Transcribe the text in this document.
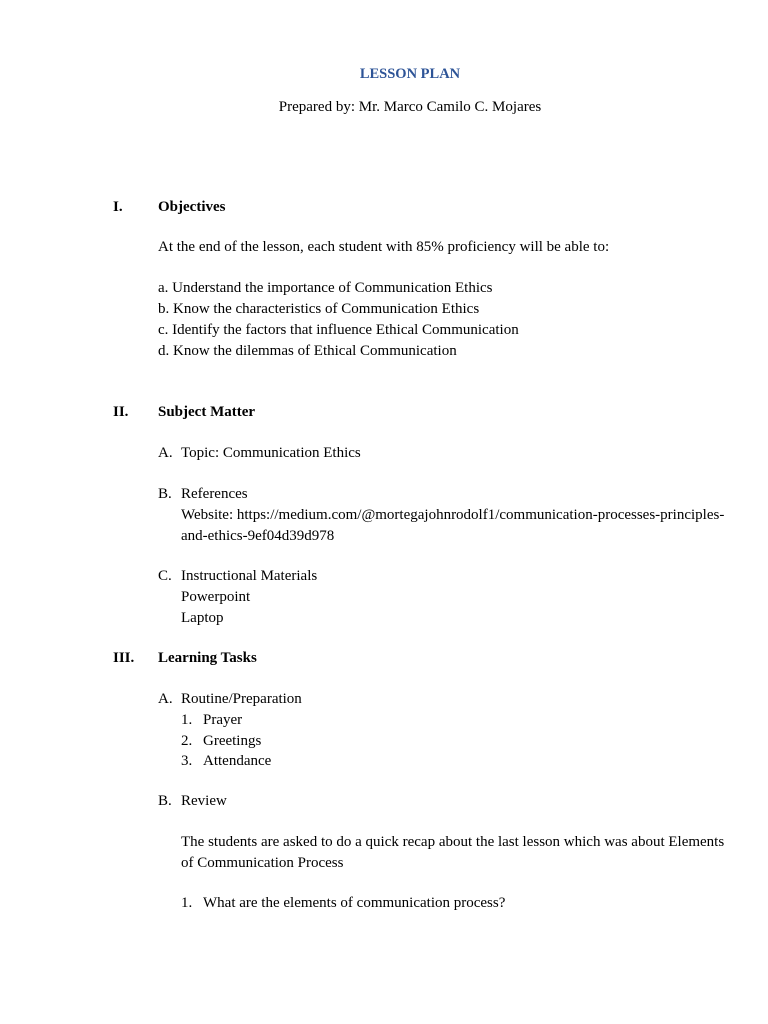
LESSON PLAN
Prepared by: Mr. Marco Camilo C. Mojares
I. Objectives
At the end of the lesson, each student with 85% proficiency will be able to:
a. Understand the importance of Communication Ethics
b. Know the characteristics of Communication Ethics
c. Identify the factors that influence Ethical Communication
d. Know the dilemmas of Ethical Communication
II. Subject Matter
A. Topic: Communication Ethics
B. References
Website: https://medium.com/@mortegajohnrodolf1/communication-processes-principles-
and-ethics-9ef04d39d978
C. Instructional Materials
Powerpoint
Laptop
III. Learning Tasks
A. Routine/Preparation
1. Prayer
2. Greetings
3. Attendance
B. Review
The students are asked to do a quick recap about the last lesson which was about Elements
of Communication Process
1. What are the elements of communication process?
